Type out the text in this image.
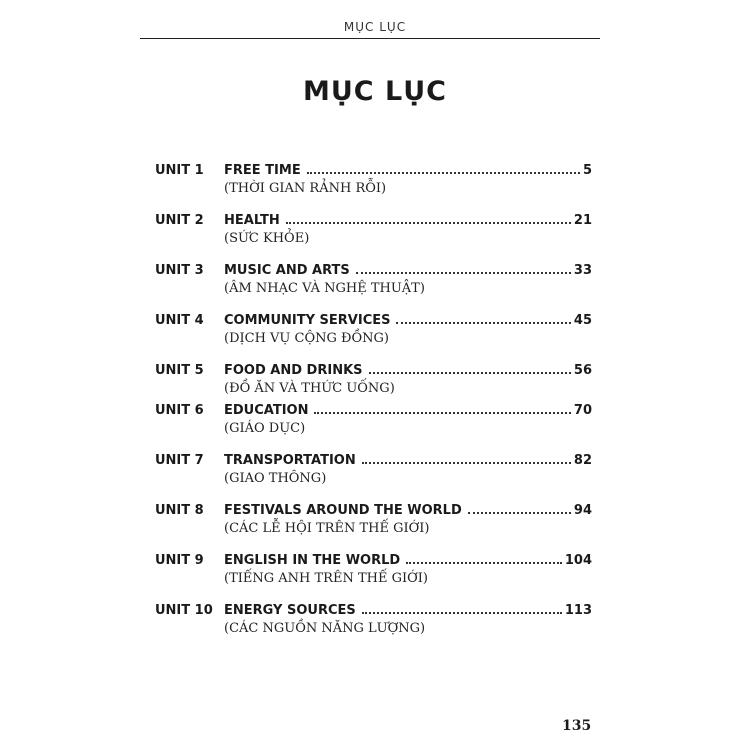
MỤC LỤC
MỤC LỤC
UNIT 1	FREE TIME	5
(THỜI GIAN RẢNH RỖI)
UNIT 2	HEALTH	21
(SỨC KHỎE)
UNIT 3	MUSIC AND ARTS	33
(ÂM NHẠC VÀ NGHỆ THUẬT)
UNIT 4	COMMUNITY SERVICES	45
(DỊCH VỤ CỘNG ĐỒNG)
UNIT 5	FOOD AND DRINKS	56
(ĐỒ ĂN VÀ THỨC UỐNG)
UNIT 6	EDUCATION	70
(GIÁO DỤC)
UNIT 7	TRANSPORTATION	82
(GIAO THÔNG)
UNIT 8	FESTIVALS AROUND THE WORLD	94
(CÁC LỄ HỘI TRÊN THẾ GIỚI)
UNIT 9	ENGLISH IN THE WORLD	104
(TIẾNG ANH TRÊN THẾ GIỚI)
UNIT 10 ENERGY SOURCES	113
(CÁC NGUỒN NĂNG LƯỢNG)
135
